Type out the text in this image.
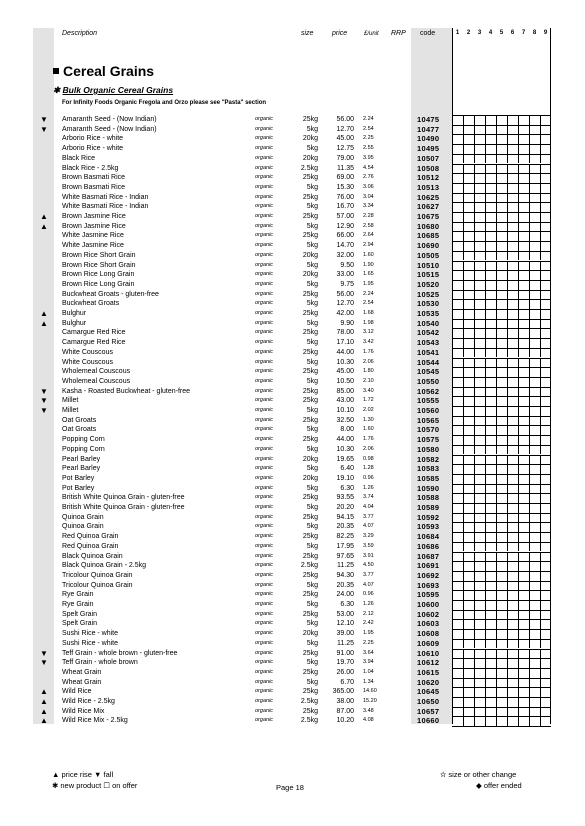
Description	size	price	£/unit RRP code	1	2	3	4	5	6	7	8	9
Cereal Grains
✱ Bulk Organic Cereal Grains
For Infinity Foods Organic Fregola and Orzo please see "Pasta" section
▼ Amaranth Seed - (Now Indian)	organic	25kg	56.00 2.24	10475
▼ Amaranth Seed - (Now Indian)	organic	5kg	12.70 2.54	10477
Arborio Rice - white	organic	20kg	45.00 2.25	10490
Arborio Rice - white	organic	5kg	12.75 2.55	10495
Black Rice	organic	20kg	79.00 3.95	10507
Black Rice - 2.5kg	organic	2.5kg	11.35 4.54	10508
Brown Basmati Rice	organic	25kg	69.00 2.76	10512
Brown Basmati Rice	organic	5kg	15.30 3.06	10513
White Basmati Rice - Indian	organic	25kg	76.00 3.04	10625
White Basmati Rice - Indian	organic	5kg	16.70 3.34	10627
▲ Brown Jasmine Rice	organic	25kg	57.00 2.28	10675
▲ Brown Jasmine Rice	organic	5kg	12.90 2.58	10680
White Jasmine Rice	organic	25kg	66.00 2.64	10685
White Jasmine Rice	organic	5kg	14.70 2.94	10690
Brown Rice Short Grain	organic	20kg	32.00 1.60	10505
Brown Rice Short Grain	organic	5kg	9.50 1.90	10510
Brown Rice Long Grain	organic	20kg	33.00 1.65	10515
Brown Rice Long Grain	organic	5kg	9.75 1.95	10520
Buckwheat Groats - gluten-free	organic	25kg	56.00 2.24	10525
Buckwheat Groats	organic	5kg	12.70 2.54	10530
▲ Bulghur	organic	25kg	42.00 1.68	10535
▲ Bulghur	organic	5kg	9.90 1.98	10540
Camargue Red Rice	organic	25kg	78.00 3.12	10542
Camargue Red Rice	organic	5kg	17.10 3.42	10543
White Couscous	organic	25kg	44.00 1.76	10541
White Couscous	organic	5kg	10.30 2.06	10544
Wholemeal Couscous	organic	25kg	45.00 1.80	10545
Wholemeal Couscous	organic	5kg	10.50 2.10	10550
▼ Kasha - Roasted Buckwheat - gluten-free	organic	25kg	85.00 3.40	10562
▼ Millet	organic	25kg	43.00 1.72	10555
▼ Millet	organic	5kg	10.10 2.02	10560
Oat Groats	organic	25kg	32.50 1.30	10565
Oat Groats	organic	5kg	8.00 1.60	10570
Popping Corn	organic	25kg	44.00 1.76	10575
Popping Corn	organic	5kg	10.30 2.06	10580
Pearl Barley	organic	20kg	19.65 0.98	10582
Pearl Barley	organic	5kg	6.40 1.28	10583
Pot Barley	organic	20kg	19.10 0.96	10585
Pot Barley	organic	5kg	6.30 1.26	10590
British White Quinoa Grain - gluten-free	organic	25kg	93.55 3.74	10588
British White Quinoa Grain - gluten-free	organic	5kg	20.20 4.04	10589
Quinoa Grain	organic	25kg	94.15 3.77	10592
Quinoa Grain	organic	5kg	20.35 4.07	10593
Red Quinoa Grain	organic	25kg	82.25 3.29	10684
Red Quinoa Grain	organic	5kg	17.95 3.59	10686
Black Quinoa Grain	organic	25kg	97.65 3.91	10687
Black Quinoa Grain - 2.5kg	organic	2.5kg	11.25 4.50	10691
Tricolour Quinoa Grain	organic	25kg	94.30 3.77	10692
Tricolour Quinoa Grain	organic	5kg	20.35 4.07	10693
Rye Grain	organic	25kg	24.00 0.96	10595
Rye Grain	organic	5kg	6.30 1.26	10600
Spelt Grain	organic	25kg	53.00 2.12	10602
Spelt Grain	organic	5kg	12.10 2.42	10603
Sushi Rice - white	organic	20kg	39.00 1.95	10608
Sushi Rice - white	organic	5kg	11.25 2.25	10609
▼ Teff Grain - whole brown - gluten-free	organic	25kg	91.00 3.64	10610
▼ Teff Grain - whole brown	organic	5kg	19.70 3.94	10612
Wheat Grain	organic	25kg	26.00 1.04	10615
Wheat Grain	organic	5kg	6.70 1.34	10620
▲ Wild Rice	organic	25kg	365.00 14.60	10645
▲ Wild Rice - 2.5kg	organic	2.5kg	38.00 15.20	10650
▲ Wild Rice Mix	organic	25kg	87.00 3.48	10657
▲ Wild Rice Mix - 2.5kg	organic	2.5kg	10.20 4.08	10660
▲ price rise ▼ fall
✱ new product ☐ on offer	Page 18
✫ size or other change
◆ offer ended
